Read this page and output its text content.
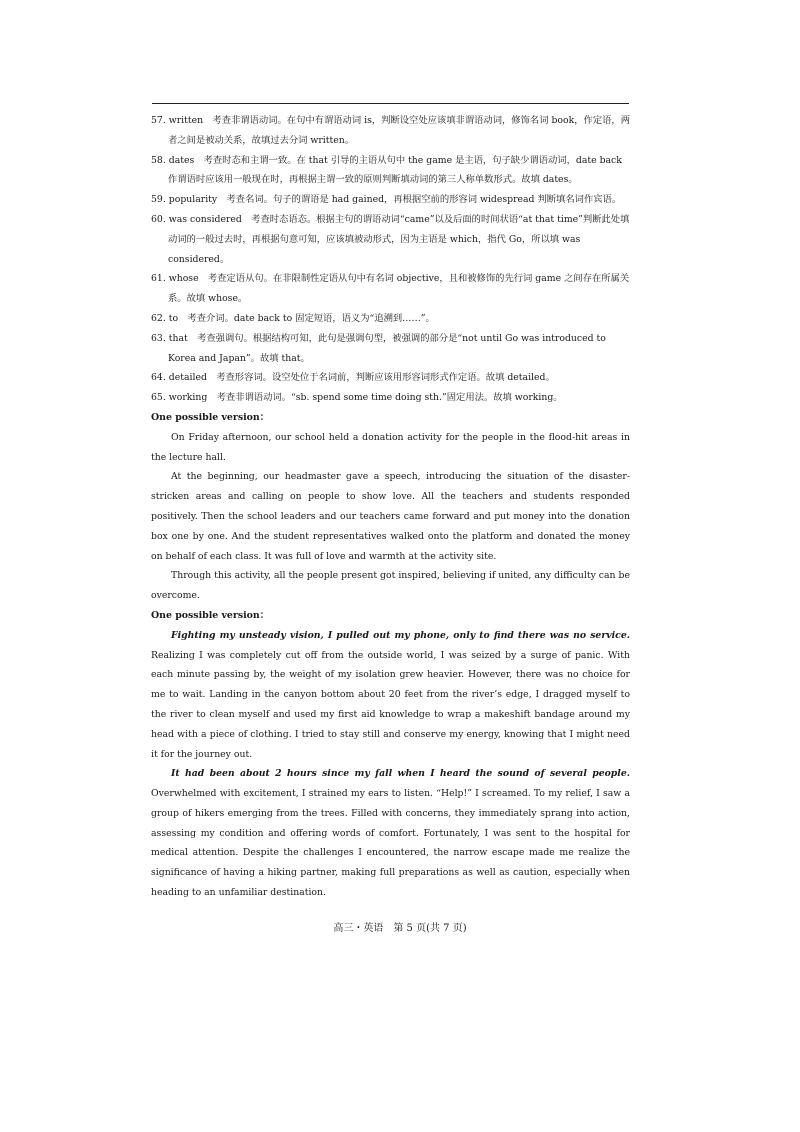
57. written　考查非谓语动词。在句中有谓语动词 is，判断设空处应该填非谓语动词，修饰名词 book，作定语，两者之间是被动关系，故填过去分词 written。

58. dates　考查时态和主谓一致。在 that 引导的主语从句中 the game 是主语，句子缺少谓语动词，date back 作谓语时应该用一般现在时，再根据主谓一致的原则判断填动词的第三人称单数形式。故填 dates。

59. popularity　考查名词。句子的谓语是 had gained，再根据空前的形容词 widespread 判断填名词作宾语。

60. was considered　考查时态语态。根据主句的谓语动词“came”以及后面的时间状语“at that time”判断此处填动词的一般过去时，再根据句意可知，应该填被动形式，因为主语是 which，指代 Go，所以填 was considered。

61. whose　考查定语从句。在非限制性定语从句中有名词 objective，且和被修饰的先行词 game 之间存在所属关系。故填 whose。

62. to　考查介词。date back to 固定短语，语义为“追溯到……”。

63. that　考查强调句。根据结构可知，此句是强调句型，被强调的部分是“not until Go was introduced to Korea and Japan”。故填 that。

64. detailed　考查形容词。设空处位于名词前，判断应该用形容词形式作定语。故填 detailed。

65. working　考查非谓语动词。“sb. spend some time doing sth.”固定用法。故填 working。

One possible version：

On Friday afternoon, our school held a donation activity for the people in the flood-hit areas in the lecture hall.

At the beginning, our headmaster gave a speech, introducing the situation of the disaster-stricken areas and calling on people to show love. All the teachers and students responded positively. Then the school leaders and our teachers came forward and put money into the donation box one by one. And the student representatives walked onto the platform and donated the money on behalf of each class. It was full of love and warmth at the activity site.

Through this activity, all the people present got inspired, believing if united, any difficulty can be overcome.

One possible version：

Fighting my unsteady vision, I pulled out my phone, only to find there was no service. Realizing I was completely cut off from the outside world, I was seized by a surge of panic. With each minute passing by, the weight of my isolation grew heavier. However, there was no choice for me to wait. Landing in the canyon bottom about 20 feet from the river’s edge, I dragged myself to the river to clean myself and used my first aid knowledge to wrap a makeshift bandage around my head with a piece of clothing. I tried to stay still and conserve my energy, knowing that I might need it for the journey out.

It had been about 2 hours since my fall when I heard the sound of several people. Overwhelmed with excitement, I strained my ears to listen. “Help!” I screamed. To my relief, I saw a group of hikers emerging from the trees. Filled with concerns, they immediately sprang into action, assessing my condition and offering words of comfort. Fortunately, I was sent to the hospital for medical attention. Despite the challenges I encountered, the narrow escape made me realize the significance of having a hiking partner, making full preparations as well as caution, especially when heading to an unfamiliar destination.

高三・英语　第 5 页(共 7 页)
